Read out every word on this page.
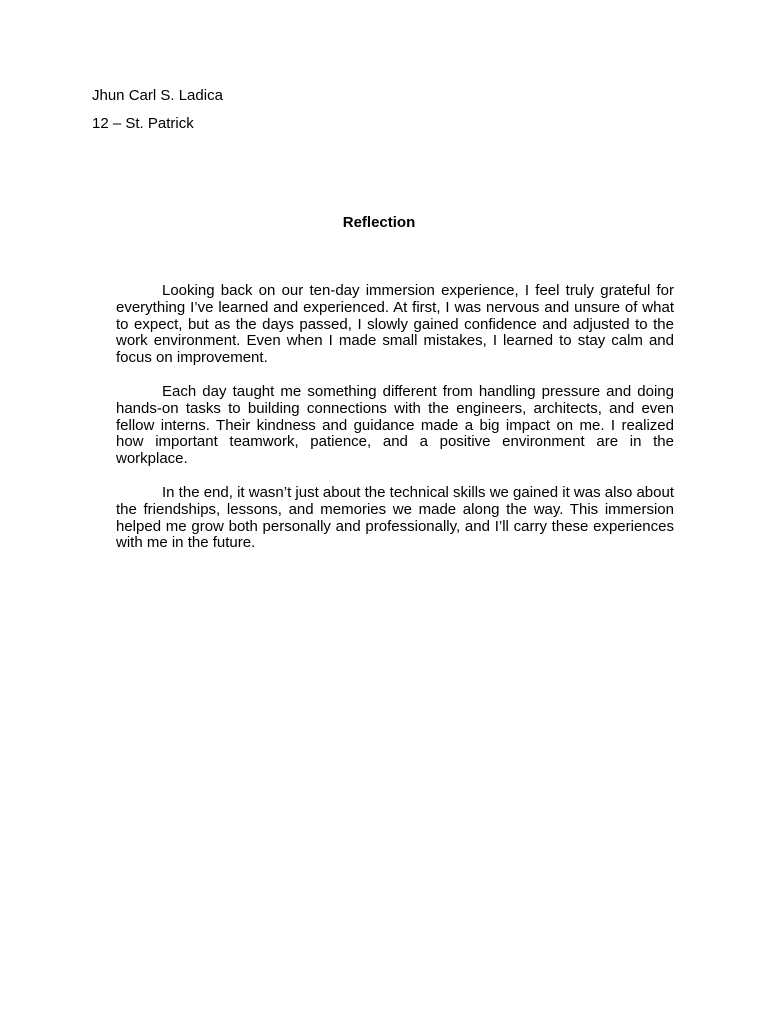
Jhun Carl S. Ladica
12 – St. Patrick
Reflection

Looking back on our ten-day immersion experience, I feel truly grateful for everything I’ve learned and experienced. At first, I was nervous and unsure of what to expect, but as the days passed, I slowly gained confidence and adjusted to the work environment. Even when I made small mistakes, I learned to stay calm and focus on improvement.

Each day taught me something different from handling pressure and doing hands-on tasks to building connections with the engineers, architects, and even fellow interns. Their kindness and guidance made a big impact on me. I realized how important teamwork, patience, and a positive environment are in the workplace.

In the end, it wasn’t just about the technical skills we gained it was also about the friendships, lessons, and memories we made along the way. This immersion helped me grow both personally and professionally, and I’ll carry these experiences with me in the future.
